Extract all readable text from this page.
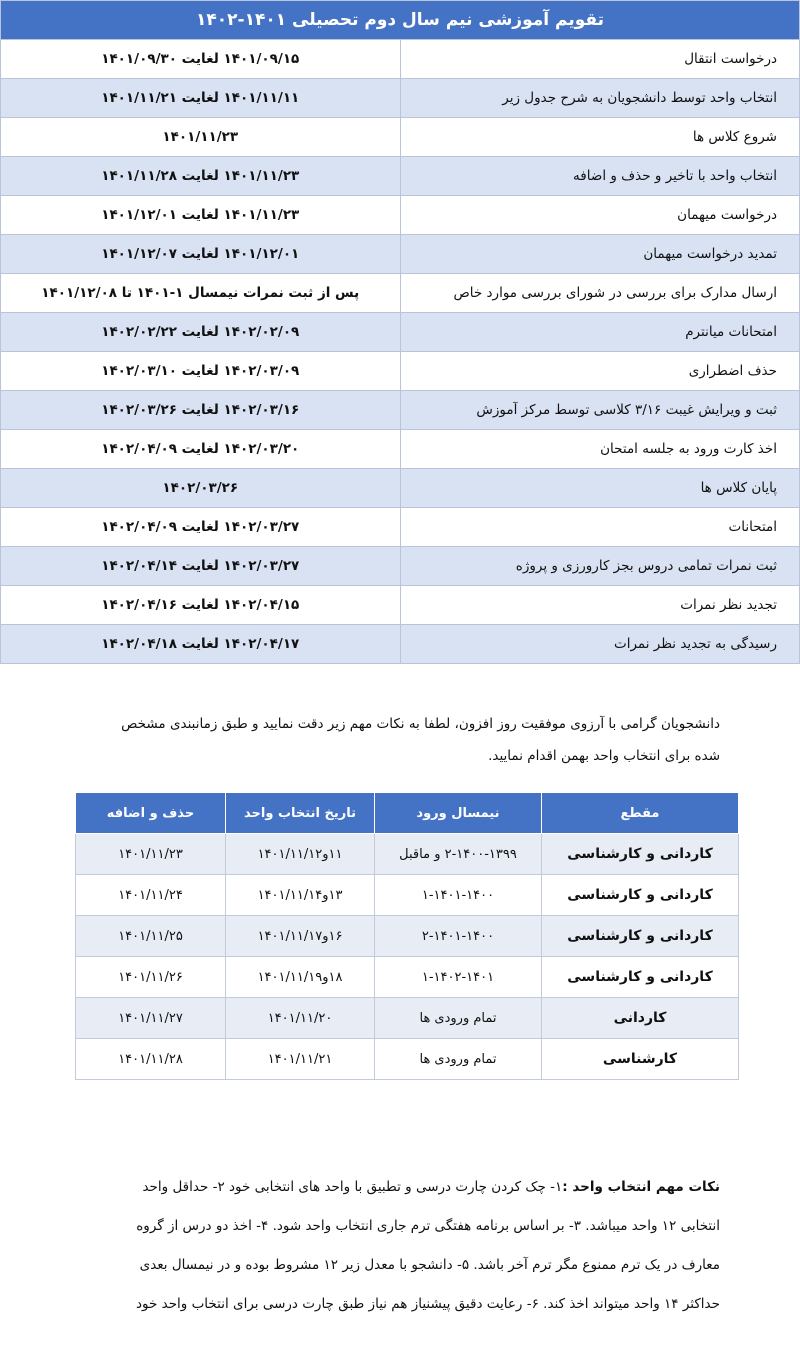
تقویم آموزشی نیم سال دوم تحصیلی ۱۴۰۱-۱۴۰۲	
درخواست انتقال	۱۴۰۱/۰۹/۱۵ لغایت ۱۴۰۱/۰۹/۳۰
انتخاب واحد توسط دانشجویان به شرح جدول زیر	۱۴۰۱/۱۱/۱۱ لغایت ۱۴۰۱/۱۱/۲۱
شروع کلاس ها	۱۴۰۱/۱۱/۲۳
انتخاب واحد با تاخیر و حذف و اضافه	۱۴۰۱/۱۱/۲۳ لغایت ۱۴۰۱/۱۱/۲۸
درخواست میهمان	۱۴۰۱/۱۱/۲۳ لغایت ۱۴۰۱/۱۲/۰۱
تمدید درخواست میهمان	۱۴۰۱/۱۲/۰۱ لغایت ۱۴۰۱/۱۲/۰۷
ارسال مدارک برای بررسی در شورای بررسی موارد خاص	پس از ثبت نمرات نیمسال ۱-۱۴۰۱ تا ۱۴۰۱/۱۲/۰۸
امتحانات میانترم	۱۴۰۲/۰۲/۰۹ لغایت ۱۴۰۲/۰۲/۲۲
حذف اضطراری	۱۴۰۲/۰۳/۰۹ لغایت ۱۴۰۲/۰۳/۱۰
ثبت و ویرایش غیبت ۳/۱۶ کلاسی توسط مرکز آموزش	۱۴۰۲/۰۳/۱۶ لغایت ۱۴۰۲/۰۳/۲۶
اخذ کارت ورود به جلسه امتحان	۱۴۰۲/۰۳/۲۰ لغایت ۱۴۰۲/۰۴/۰۹
پایان کلاس ها	۱۴۰۲/۰۳/۲۶
امتحانات	۱۴۰۲/۰۳/۲۷ لغایت ۱۴۰۲/۰۴/۰۹
ثبت نمرات تمامی دروس بجز کارورزی و پروژه	۱۴۰۲/۰۳/۲۷ لغایت ۱۴۰۲/۰۴/۱۴
تجدید نظر نمرات	۱۴۰۲/۰۴/۱۵ لغایت ۱۴۰۲/۰۴/۱۶
رسیدگی به تجدید نظر نمرات	۱۴۰۲/۰۴/۱۷ لغایت ۱۴۰۲/۰۴/۱۸
دانشجویان گرامی با آرزوی موفقیت روز افزون، لطفا به نکات مهم زیر دقت نمایید و طبق زمانبندی مشخص شده برای انتخاب واحد بهمن اقدام نمایید.
مقطع	نیمسال ورود	تاریخ انتخاب واحد	حذف و اضافه
کاردانی و کارشناسی	۲-۱۴۰۰-۱۳۹۹ و ماقبل	۱۱و۱۴۰۱/۱۱/۱۲	۱۴۰۱/۱۱/۲۳
کاردانی و کارشناسی	۱-۱۴۰۱-۱۴۰۰	۱۳و۱۴۰۱/۱۱/۱۴	۱۴۰۱/۱۱/۲۴
کاردانی و کارشناسی	۲-۱۴۰۱-۱۴۰۰	۱۶و۱۴۰۱/۱۱/۱۷	۱۴۰۱/۱۱/۲۵
کاردانی و کارشناسی	۱-۱۴۰۲-۱۴۰۱	۱۸و۱۴۰۱/۱۱/۱۹	۱۴۰۱/۱۱/۲۶
کاردانی	تمام ورودی ها	۱۴۰۱/۱۱/۲۰	۱۴۰۱/۱۱/۲۷
کارشناسی	تمام ورودی ها	۱۴۰۱/۱۱/۲۱	۱۴۰۱/۱۱/۲۸
نکات مهم انتخاب واحد :۱- چک کردن چارت درسی و تطبیق با واحد های انتخابی خود ۲- حداقل واحد انتخابی ۱۲ واحد میباشد. ۳- بر اساس برنامه هفتگی ترم جاری انتخاب واحد شود. ۴- اخذ دو درس از گروه معارف در یک ترم ممنوع مگر ترم آخر باشد. ۵- دانشجو با معدل زیر ۱۲ مشروط بوده و در نیمسال بعدی حداکثر ۱۴ واحد میتواند اخذ کند. ۶- رعایت دقیق پیشنیاز هم نیاز طبق چارت درسی برای انتخاب واحد خود
